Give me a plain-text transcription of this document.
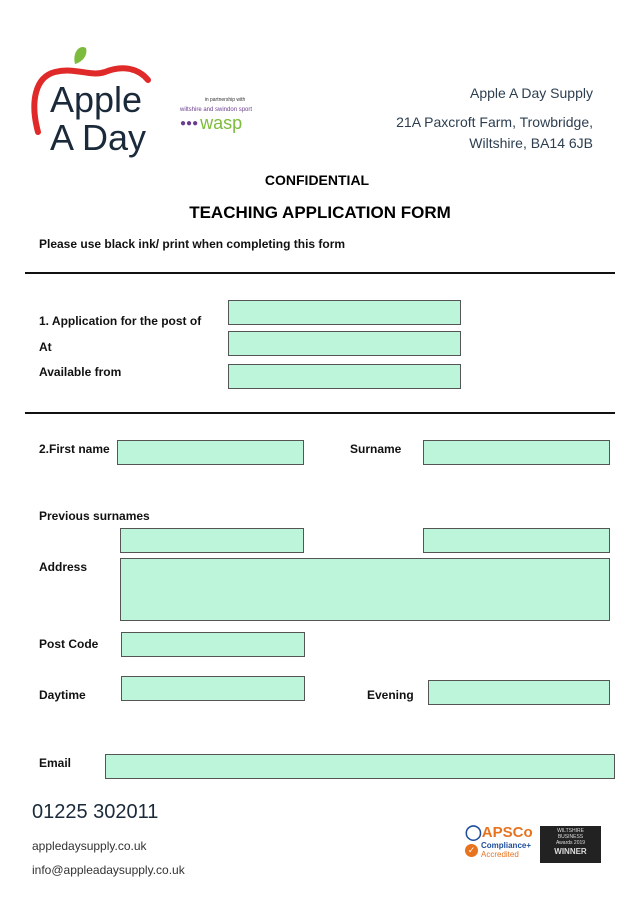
Apple
A Day
in partnership with
wiltshire and swindon sport
●●● wasp
Apple A Day Supply
21A Paxcroft Farm, Trowbridge,
Wiltshire, BA14 6JB
CONFIDENTIAL
TEACHING APPLICATION FORM
Please use black ink/ print when completing this form
1. Application for the post of
At
Available from
2.First name	Surname
Previous surnames
Address
Post Code
Daytime	Evening
Email
01225 302011
appledaysupply.co.uk
info@appleadaysupply.co.uk
◯APSCo
✓ Compliance+
Accredited
WILTSHIRE
BUSINESS
Awards 2019
WINNER
